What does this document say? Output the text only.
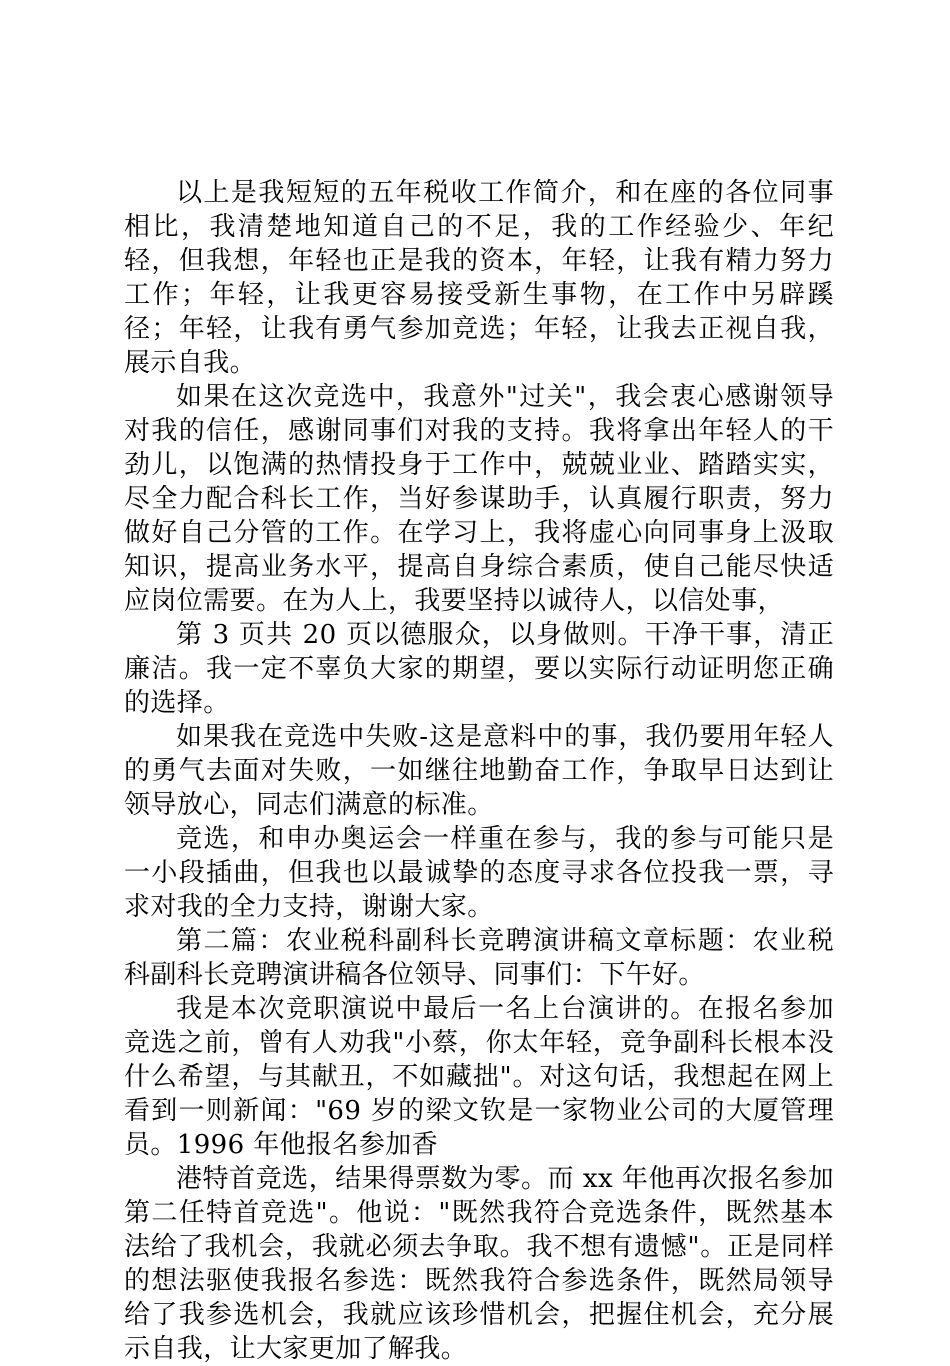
以上是我短短的五年税收工作简介，和在座的各位同事相比，我清楚地知道自己的不足，我的工作经验少、年纪轻，但我想，年轻也正是我的资本，年轻，让我有精力努力工作；年轻，让我更容易接受新生事物，在工作中另辟蹊径；年轻，让我有勇气参加竞选；年轻，让我去正视自我，展示自我。

如果在这次竞选中，我意外"过关"，我会衷心感谢领导对我的信任，感谢同事们对我的支持。我将拿出年轻人的干劲儿，以饱满的热情投身于工作中，兢兢业业、踏踏实实，尽全力配合科长工作，当好参谋助手，认真履行职责，努力做好自己分管的工作。在学习上，我将虚心向同事身上汲取知识，提高业务水平，提高自身综合素质，使自己能尽快适应岗位需要。在为人上，我要坚持以诚待人，以信处事，

第 3 页共 20 页以德服众，以身做则。干净干事，清正廉洁。我一定不辜负大家的期望，要以实际行动证明您正确的选择。

如果我在竞选中失败-这是意料中的事，我仍要用年轻人的勇气去面对失败，一如继往地勤奋工作，争取早日达到让领导放心，同志们满意的标准。

竞选，和申办奥运会一样重在参与，我的参与可能只是一小段插曲，但我也以最诚挚的态度寻求各位投我一票，寻求对我的全力支持，谢谢大家。

第二篇：农业税科副科长竞聘演讲稿文章标题：农业税科副科长竞聘演讲稿各位领导、同事们：下午好。

我是本次竞职演说中最后一名上台演讲的。在报名参加竞选之前，曾有人劝我"小蔡，你太年轻，竞争副科长根本没什么希望，与其献丑，不如藏拙"。对这句话，我想起在网上看到一则新闻："69 岁的梁文钦是一家物业公司的大厦管理员。1996 年他报名参加香

港特首竞选，结果得票数为零。而 xx 年他再次报名参加第二任特首竞选"。他说："既然我符合竞选条件，既然基本法给了我机会，我就必须去争取。我不想有遗憾"。正是同样的想法驱使我报名参选：既然我符合参选条件，既然局领导给了我参选机会，我就应该珍惜机会，把握住机会，充分展示自我，让大家更加了解我。
